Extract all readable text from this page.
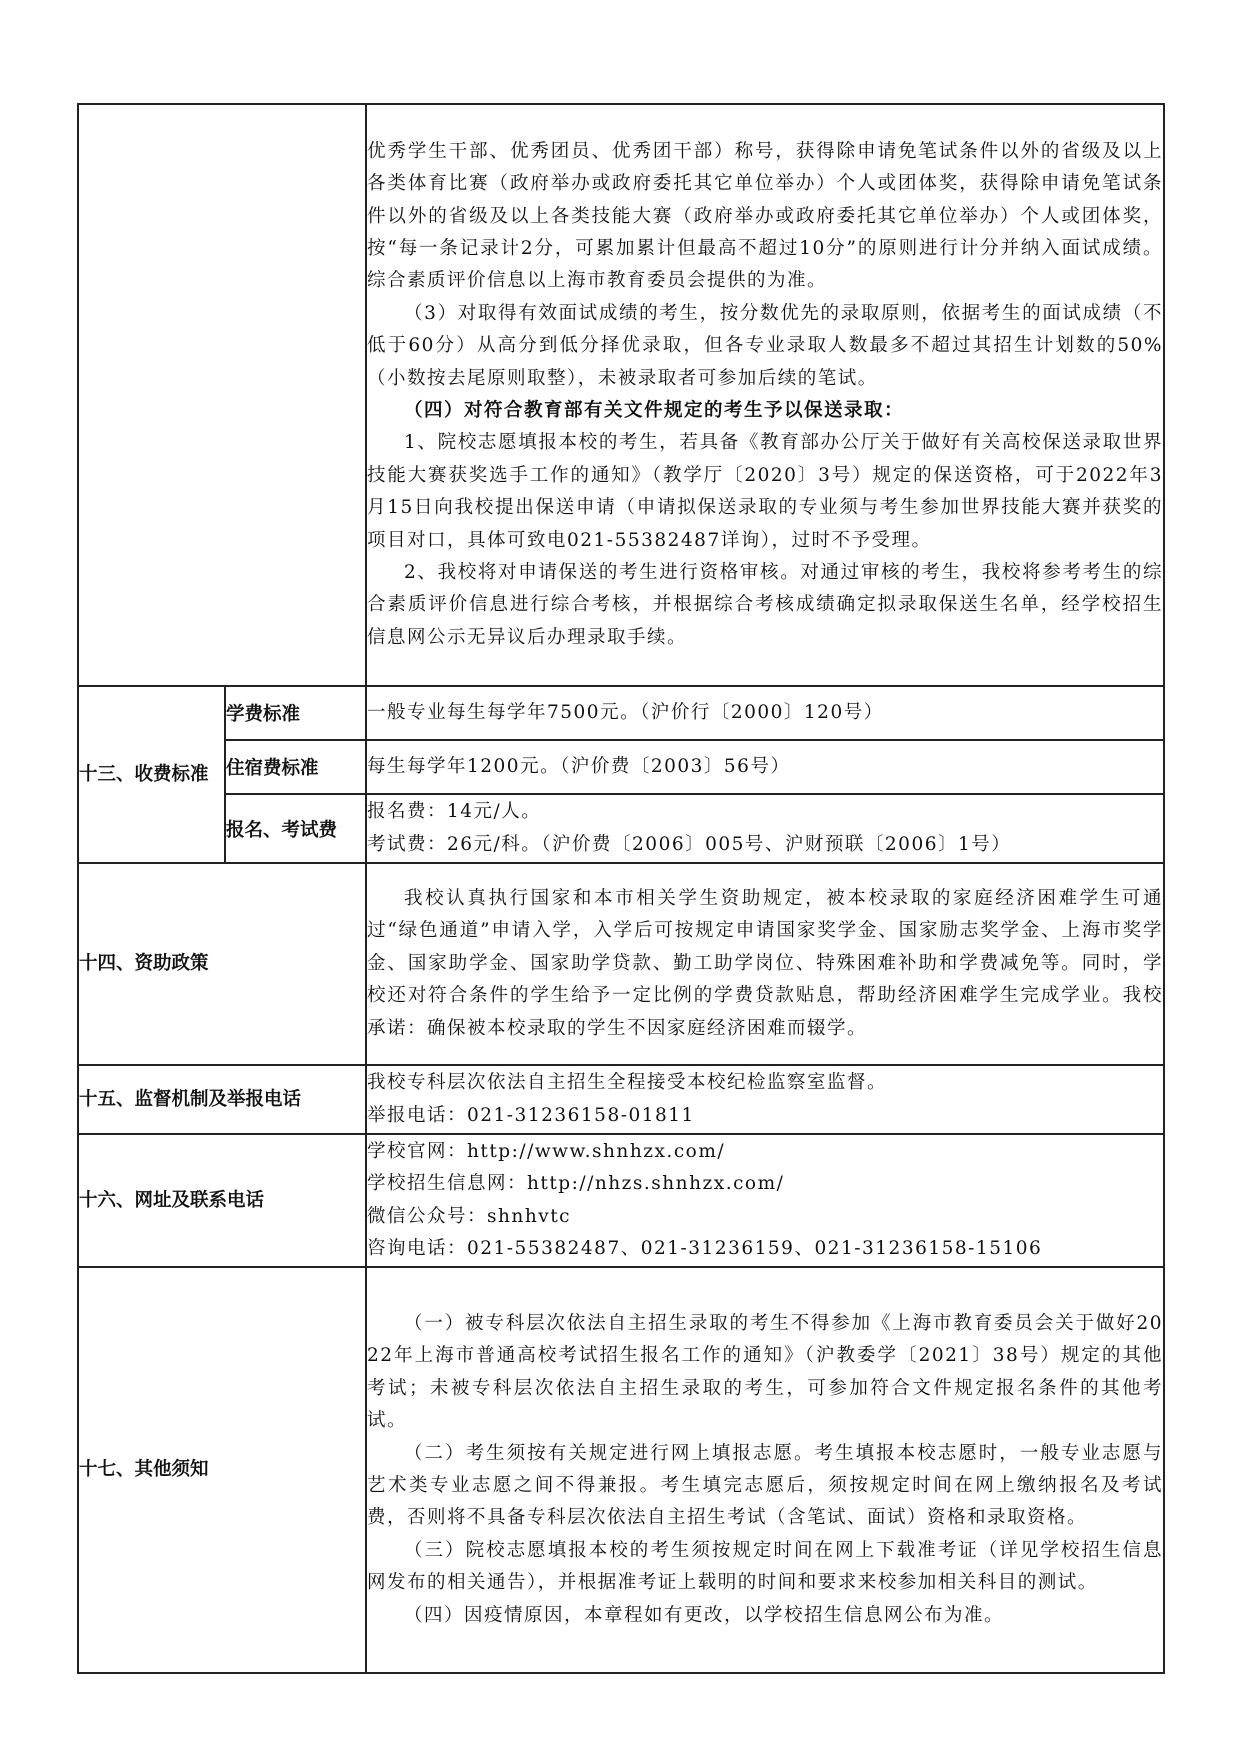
		优秀学生干部、优秀团员、优秀团干部）称号，获得除申请免笔试条件以外的省级及以上各类体育比赛（政府举办或政府委托其它单位举办）个人或团体奖，获得除申请免笔试条件以外的省级及以上各类技能大赛（政府举办或政府委托其它单位举办）个人或团体奖，按“每一条记录计2分，可累加累计但最高不超过10分”的原则进行计分并纳入面试成绩。综合素质评价信息以上海市教育委员会提供的为准。

（3）对取得有效面试成绩的考生，按分数优先的录取原则，依据考生的面试成绩（不低于60分）从高分到低分择优录取，但各专业录取人数最多不超过其招生计划数的50%（小数按去尾原则取整），未被录取者可参加后续的笔试。

（四）对符合教育部有关文件规定的考生予以保送录取：

1、院校志愿填报本校的考生，若具备《教育部办公厅关于做好有关高校保送录取世界技能大赛获奖选手工作的通知》（教学厅〔2020〕3号）规定的保送资格，可于2022年3月15日向我校提出保送申请（申请拟保送录取的专业须与考生参加世界技能大赛并获奖的项目对口，具体可致电021-55382487详询），过时不予受理。

2、我校将对申请保送的考生进行资格审核。对通过审核的考生，我校将参考考生的综合素质评价信息进行综合考核，并根据综合考核成绩确定拟录取保送生名单，经学校招生信息网公示无异议后办理录取手续。

十三、收费标准	学费标准	一般专业每生每学年7500元。（沪价行〔2000〕120号）

	住宿费标准	每生每学年1200元。（沪价费〔2003〕56号）

	报名、考试费	报名费：14元/人。

考试费：26元/科。（沪价费〔2006〕005号、沪财预联〔2006〕1号）

十四、资助政策		我校认真执行国家和本市相关学生资助规定，被本校录取的家庭经济困难学生可通过“绿色通道”申请入学，入学后可按规定申请国家奖学金、国家励志奖学金、上海市奖学金、国家助学金、国家助学贷款、勤工助学岗位、特殊困难补助和学费减免等。同时，学校还对符合条件的学生给予一定比例的学费贷款贴息，帮助经济困难学生完成学业。我校承诺：确保被本校录取的学生不因家庭经济困难而辍学。

十五、监督机制及举报电话		我校专科层次依法自主招生全程接受本校纪检监察室监督。

举报电话：021-31236158-01811

十六、网址及联系电话		学校官网：http://www.shnhzx.com/

学校招生信息网：http://nhzs.shnhzx.com/

微信公众号：shnhvtc

咨询电话：021-55382487、021-31236159、021-31236158-15106

十七、其他须知		（一）被专科层次依法自主招生录取的考生不得参加《上海市教育委员会关于做好2022年上海市普通高校考试招生报名工作的通知》（沪教委学〔2021〕38号）规定的其他考试；未被专科层次依法自主招生录取的考生，可参加符合文件规定报名条件的其他考试。

（二）考生须按有关规定进行网上填报志愿。考生填报本校志愿时，一般专业志愿与艺术类专业志愿之间不得兼报。考生填完志愿后，须按规定时间在网上缴纳报名及考试费，否则将不具备专科层次依法自主招生考试（含笔试、面试）资格和录取资格。

（三）院校志愿填报本校的考生须按规定时间在网上下载准考证（详见学校招生信息网发布的相关通告），并根据准考证上载明的时间和要求来校参加相关科目的测试。

（四）因疫情原因，本章程如有更改，以学校招生信息网公布为准。
